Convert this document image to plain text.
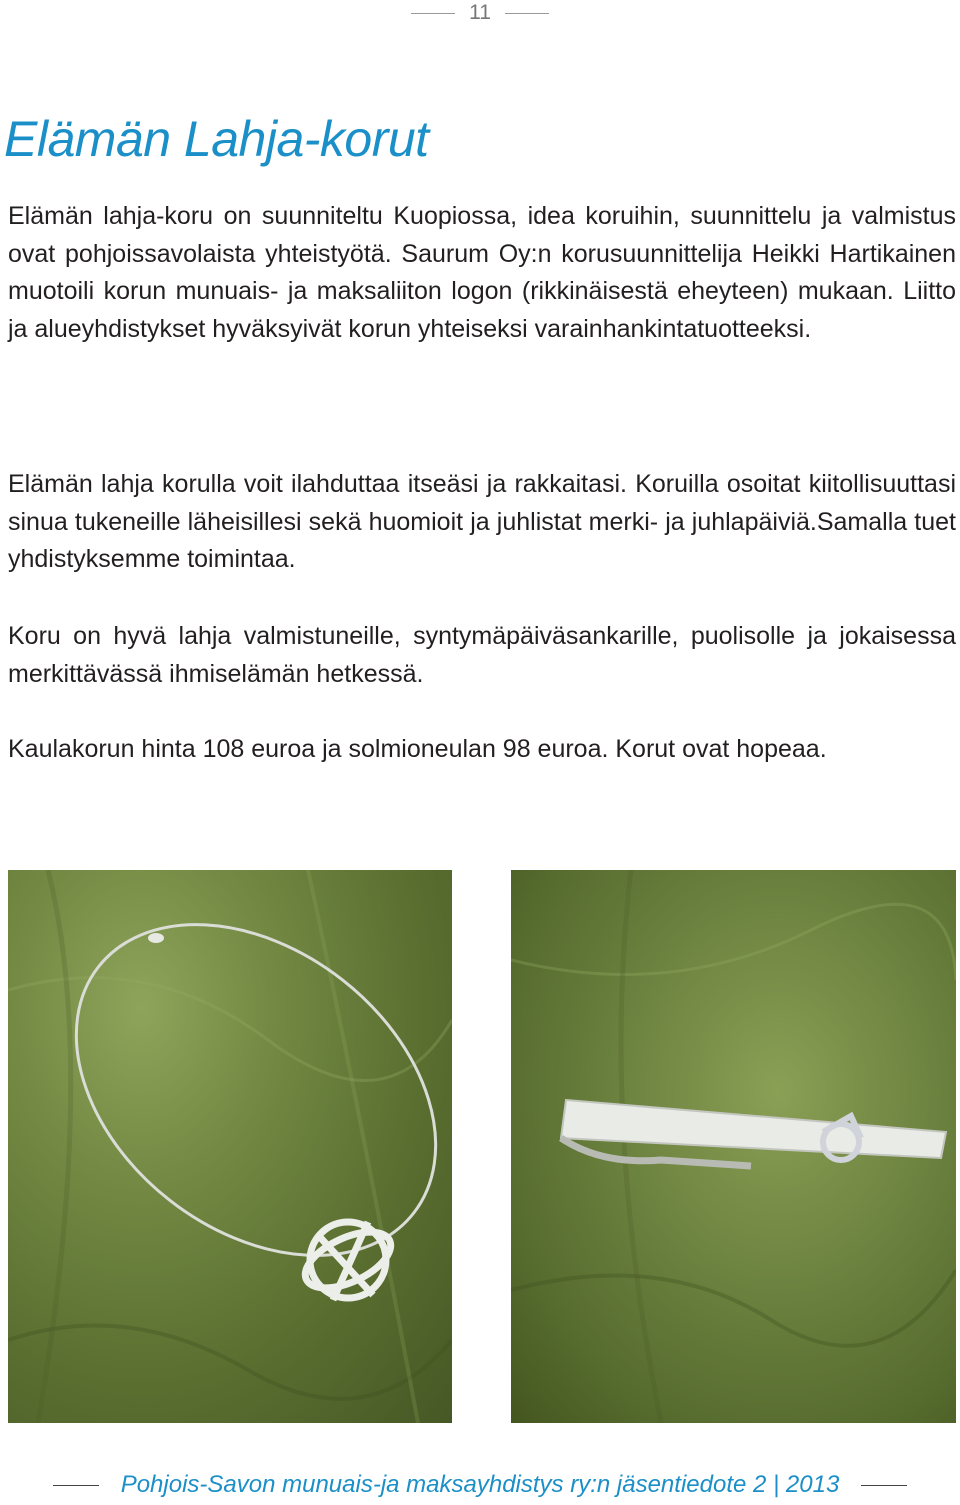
11
Elämän Lahja-korut

Elämän lahja-koru on suunniteltu Kuopiossa, idea koruihin, suunnittelu ja valmistus ovat pohjoissavolaista yhteistyötä. Saurum Oy:n korusuunnittelija Heikki Hartikainen muotoili korun munuais- ja maksaliiton logon (rikkinäisestä eheyteen) mukaan. Liitto ja alueyhdistykset hyväksyivät korun yhteiseksi varainhankintatuotteeksi.

Elämän lahja korulla voit ilahduttaa itseäsi ja rakkaitasi. Koruilla osoitat kiitollisuuttasi sinua tukeneille läheisillesi sekä huomioit ja juhlistat merki- ja juhlapäiviä.Samalla tuet yhdistyksemme toimintaa.

Koru on hyvä lahja valmistuneille, syntymäpäiväsankarille, puolisolle ja jokaisessa merkittävässä ihmiselämän hetkessä.

Kaulakorun hinta 108 euroa ja solmioneulan 98 euroa. Korut ovat hopeaa.

Pohjois-Savon munuais-ja maksayhdistys ry:n jäsentiedote 2 | 2013
